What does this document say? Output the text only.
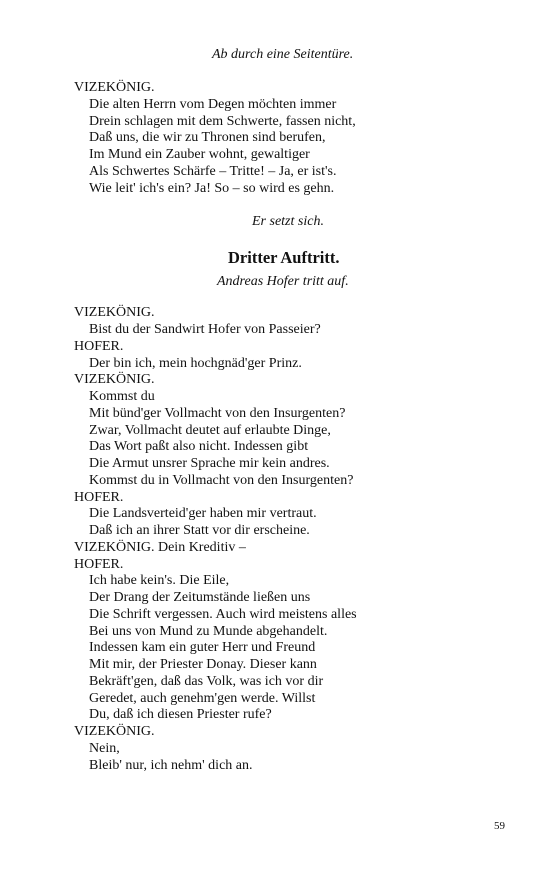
Ab durch eine Seitentüre.
VIZEKÖNIG.
Die alten Herrn vom Degen möchten immer
Drein schlagen mit dem Schwerte, fassen nicht,
Daß uns, die wir zu Thronen sind berufen,
Im Mund ein Zauber wohnt, gewaltiger
Als Schwertes Schärfe – Tritte! – Ja, er ist's.
Wie leit' ich's ein? Ja! So – so wird es gehn.
Er setzt sich.
Dritter Auftritt.
Andreas Hofer tritt auf.
VIZEKÖNIG.
Bist du der Sandwirt Hofer von Passeier?
HOFER.
Der bin ich, mein hochgnäd'ger Prinz.
VIZEKÖNIG.
Kommst du
Mit bünd'ger Vollmacht von den Insurgenten?
Zwar, Vollmacht deutet auf erlaubte Dinge,
Das Wort paßt also nicht. Indessen gibt
Die Armut unsrer Sprache mir kein andres.
Kommst du in Vollmacht von den Insurgenten?
HOFER.
Die Landsverteid'ger haben mir vertraut.
Daß ich an ihrer Statt vor dir erscheine.
VIZEKÖNIG. Dein Kreditiv –
HOFER.
Ich habe kein's. Die Eile,
Der Drang der Zeitumstände ließen uns
Die Schrift vergessen. Auch wird meistens alles
Bei uns von Mund zu Munde abgehandelt.
Indessen kam ein guter Herr und Freund
Mit mir, der Priester Donay. Dieser kann
Bekräft'gen, daß das Volk, was ich vor dir
Geredet, auch genehm'gen werde. Willst
Du, daß ich diesen Priester rufe?
VIZEKÖNIG.
Nein,
Bleib' nur, ich nehm' dich an.
59
